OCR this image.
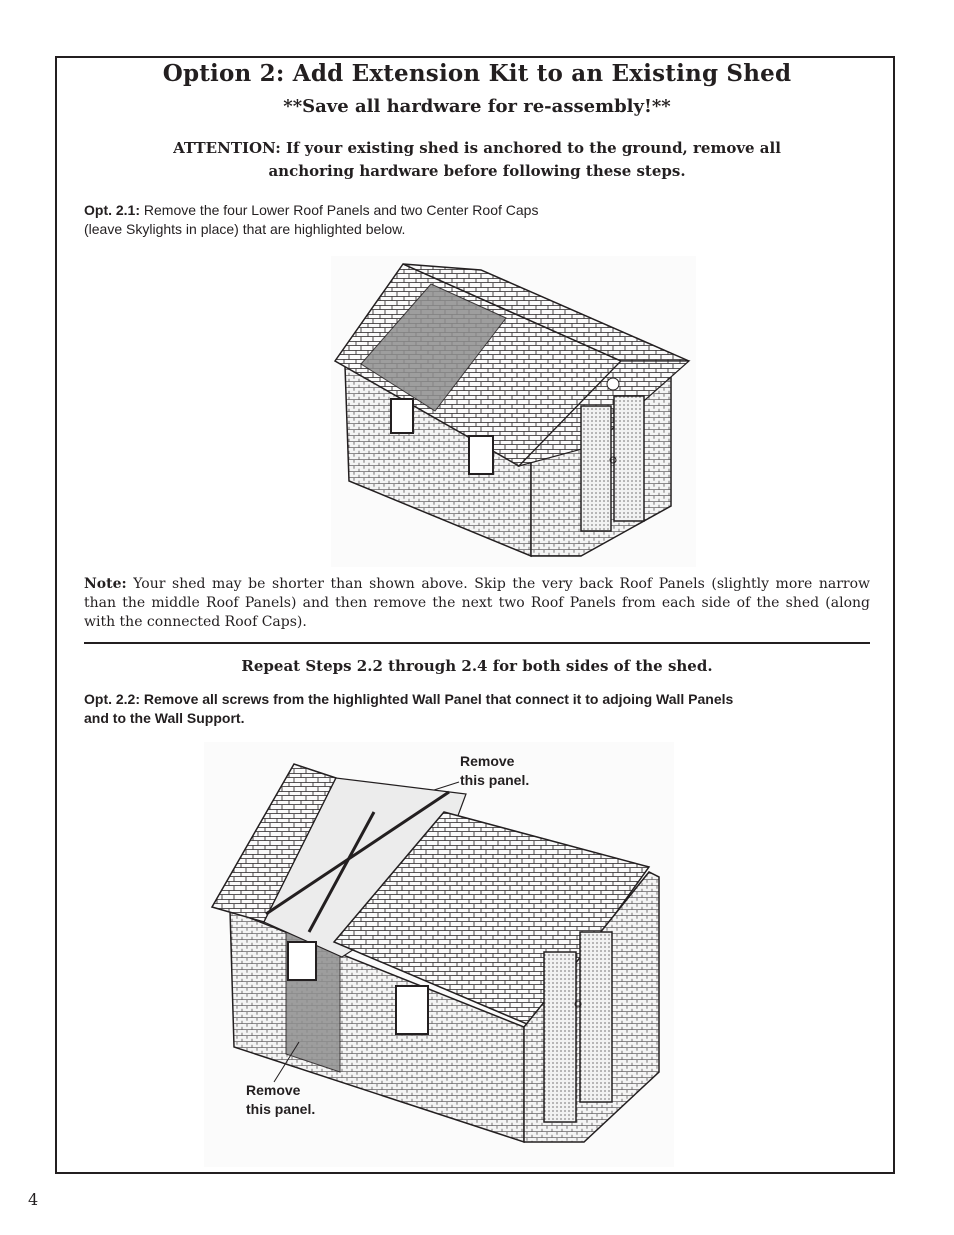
Option 2: Add Extension Kit to an Existing Shed
**Save all hardware for re-assembly!**
ATTENTION: If your existing shed is anchored to the ground, remove all
anchoring hardware before following these steps.
Opt. 2.1: Remove the four Lower Roof Panels and two Center Roof Caps
(leave Skylights in place) that are highlighted below.
Note: Your shed may be shorter than shown above. Skip the very back Roof Panels (slightly more narrow than the middle Roof Panels) and then remove the next two Roof Panels from each side of the shed (along with the connected Roof Caps).
Repeat Steps 2.2 through 2.4 for both sides of the shed.
Opt. 2.2: Remove all screws from the highlighted Wall Panel that connect it to adjoing Wall Panels
and to the Wall Support.
Remove
this panel.
Remove
this panel.
4
